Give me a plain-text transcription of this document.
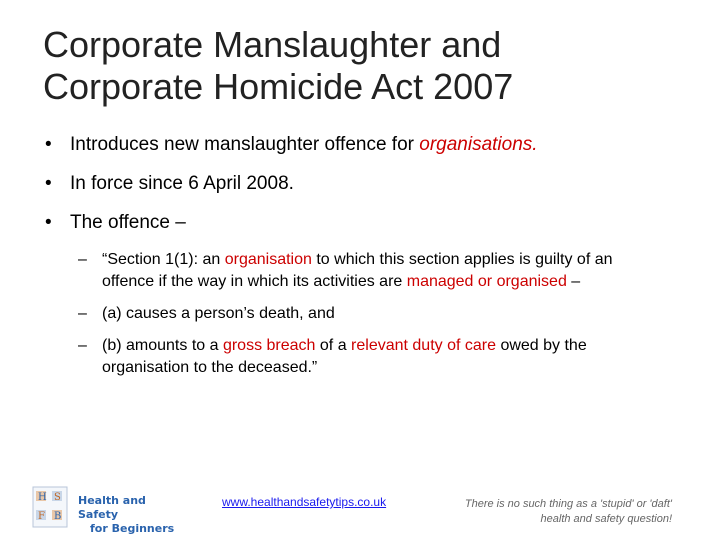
Corporate Manslaughter and
Corporate Homicide Act 2007
• Introduces new manslaughter offence for organisations.
• In force since 6 April 2008.
• The offence –
– “Section 1(1): an organisation to which this section applies is guilty of an offence if the way in which its activities are managed or organised –
– (a) causes a person’s death, and
– (b) amounts to a gross breach of a relevant duty of care owed by the organisation to the deceased.”
H S
F B
Health and Safety
for Beginners
www.healthandsafetytips.co.uk	There is no such thing as a 'stupid' or 'daft'
health and safety question!
